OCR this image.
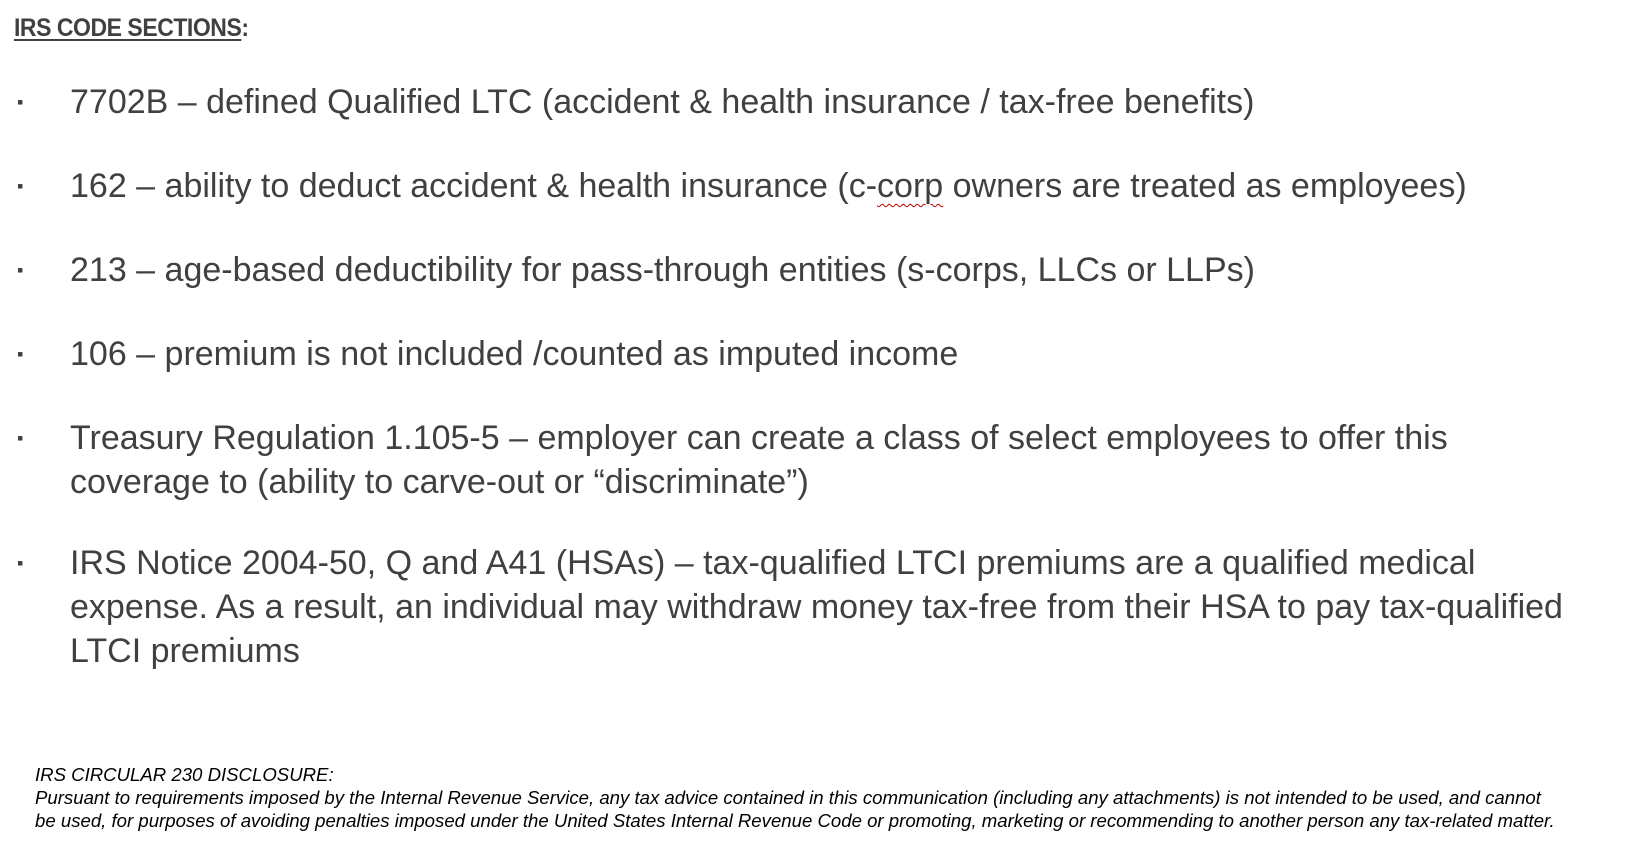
IRS CODE SECTIONS:
▪ 7702B – defined Qualified LTC (accident & health insurance / tax-free benefits)
▪ 162 – ability to deduct accident & health insurance (c-corp owners are treated as employees)
▪ 213 – age-based deductibility for pass-through entities (s-corps, LLCs or LLPs)
▪ 106 – premium is not included /counted as imputed income
▪ Treasury Regulation 1.105-5 – employer can create a class of select employees to offer this coverage to (ability to carve-out or “discriminate”)
▪ IRS Notice 2004-50, Q and A41 (HSAs) – tax-qualified LTCI premiums are a qualified medical expense. As a result, an individual may withdraw money tax-free from their HSA to pay tax-qualified LTCI premiums
IRS CIRCULAR 230 DISCLOSURE:
Pursuant to requirements imposed by the Internal Revenue Service, any tax advice contained in this communication (including any attachments) is not intended to be used, and cannot
be used, for purposes of avoiding penalties imposed under the United States Internal Revenue Code or promoting, marketing or recommending to another person any tax-related matter.
